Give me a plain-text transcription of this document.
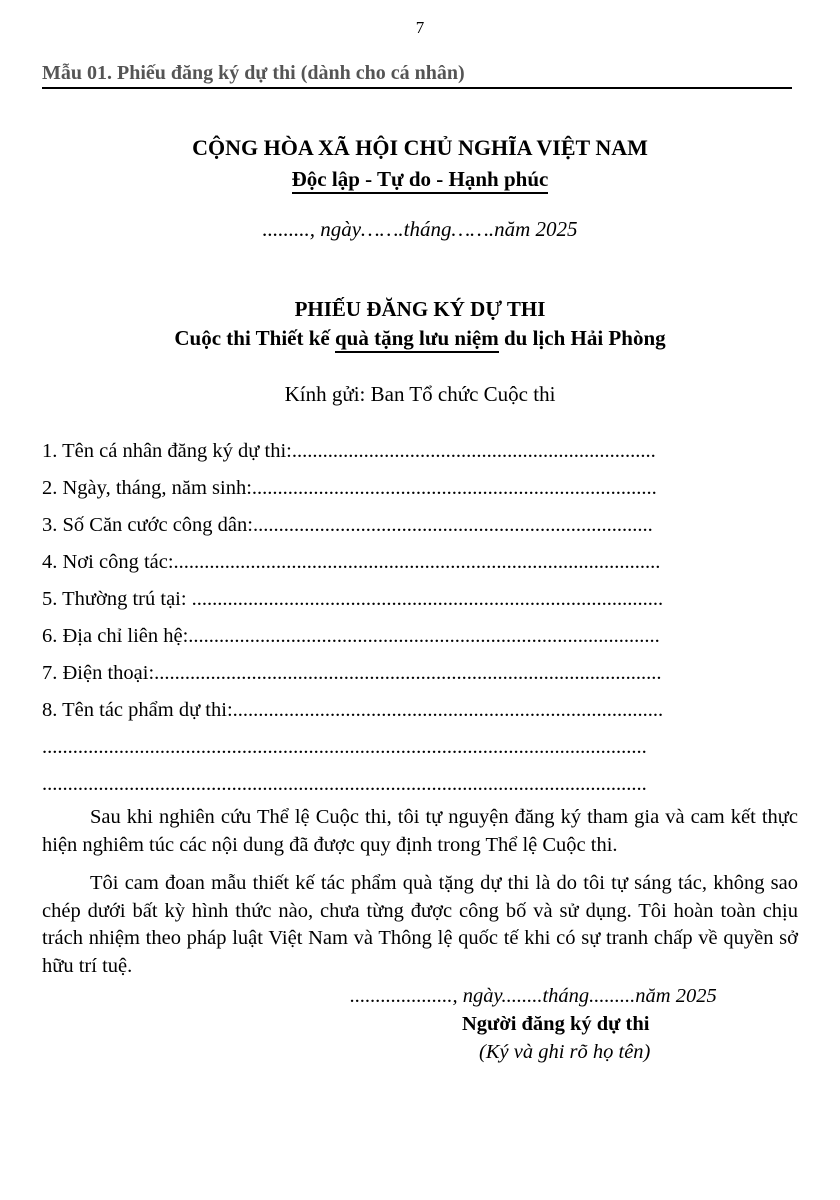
7
Mẫu 01. Phiếu đăng ký dự thi (dành cho cá nhân)
CỘNG HÒA XÃ HỘI CHỦ NGHĨA VIỆT NAM
Độc lập - Tự do - Hạnh phúc
........., ngày…….tháng…….năm 2025
PHIẾU ĐĂNG KÝ DỰ THI
Cuộc thi Thiết kế quà tặng lưu niệm du lịch Hải Phòng
Kính gửi: Ban Tổ chức Cuộc thi
1. Tên cá nhân đăng ký dự thi:.......................................................................
2. Ngày, tháng, năm sinh:...............................................................................
3. Số Căn cước công dân:..............................................................................
4. Nơi công tác:...............................................................................................
5. Thường trú tại: ............................................................................................
6. Địa chỉ liên hệ:............................................................................................
7. Điện thoại:...................................................................................................
8. Tên tác phẩm dự thi:....................................................................................
......................................................................................................................
......................................................................................................................

Sau khi nghiên cứu Thể lệ Cuộc thi, tôi tự nguyện đăng ký tham gia và cam kết thực hiện nghiêm túc các nội dung đã được quy định trong Thể lệ Cuộc thi.

Tôi cam đoan mẫu thiết kế tác phẩm quà tặng dự thi là do tôi tự sáng tác, không sao chép dưới bất kỳ hình thức nào, chưa từng được công bố và sử dụng. Tôi hoàn toàn chịu trách nhiệm theo pháp luật Việt Nam và Thông lệ quốc tế khi có sự tranh chấp về quyền sở hữu trí tuệ.

...................., ngày........tháng.........năm 2025
Người đăng ký dự thi
(Ký và ghi rõ họ tên)
